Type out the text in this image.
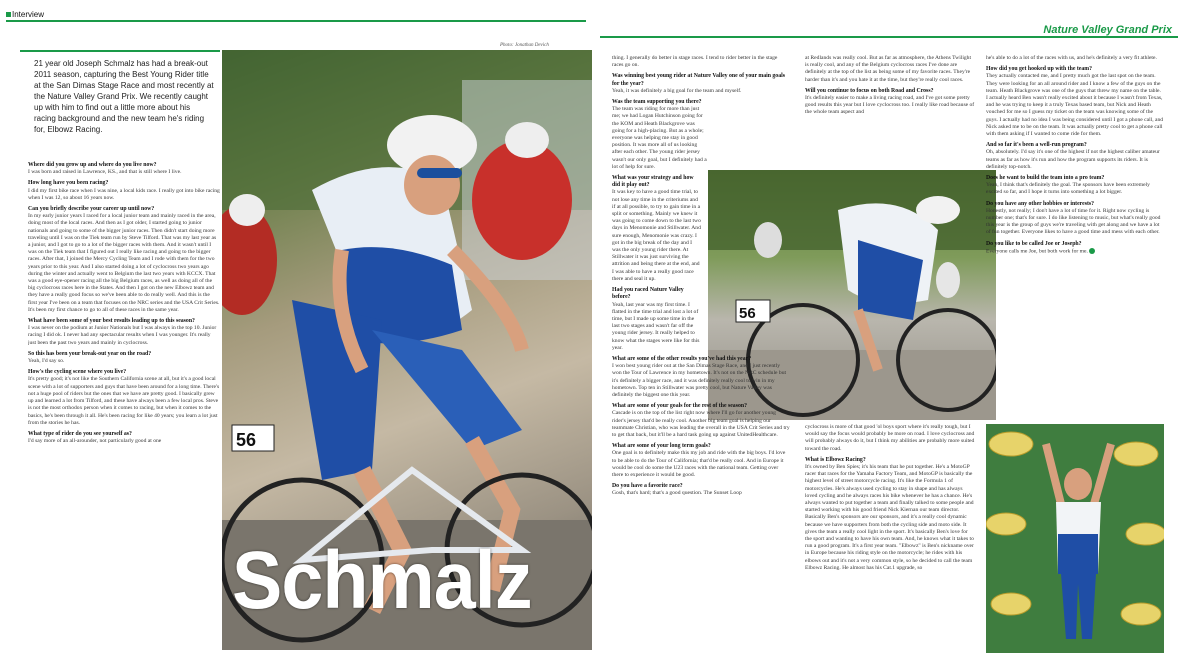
Interview
Nature Valley Grand Prix
21 year old Joseph Schmalz has had a break-out 2011 season, capturing the Best Young Rider title at the San Dimas Stage Race and most recently at the Nature Valley Grand Prix. We recently caught up with him to find out a little more about his racing background and the new team he's riding for, Elbowz Racing.
Photo: Jonathan Devich
56
Schmalz
Where did you grow up and where do you live now?
I was born and raised in Lawrence, KS., and that is still where I live.
How long have you been racing?
I did my first bike race when I was nine, a local kids race. I really got into bike racing when I was 12, so about 16 years now.
Can you briefly describe your career up until now?
In my early junior years I raced for a local junior team and mainly raced in the area, doing most of the local races. And then as I got older, I started going to junior nationals and going to some of the bigger junior races. Then didn't start doing more traveling until I was on the Tiek team run by Steve Tilford. That was my last year as a junior, and I got to go to a lot of the bigger races with them. And it wasn't until I was on the Tiek team that I figured out I really like racing and going to the bigger races. After that, I joined the Mercy Cycling Team and I rode with them for the two years prior to this year. And I also started doing a lot of cyclocross two years ago during the winter and actually went to Belgium the last two years with KCCX. That was a good eye-opener racing all the big Belgium races, as well as doing all of the big cyclocross races here in the States. And then I got on the new Elbowz team and they have a really good focus so we've been able to do really well. And this is the first year I've been on a team that focuses on the NRC series and the USA Crit Series. It's been my first chance to go to all of these races in the same year.
What have been some of your best results leading up to this season?
I was never on the podium at Junior Nationals but I was always in the top 10. Junior racing I did ok. I never had any spectacular results when I was younger. It's really just been the past two years and mainly in cyclocross.
So this has been your break-out year on the road?
Yeah, I'd say so.
How's the cycling scene where you live?
It's pretty good; it's not like the Southern California scene at all, but it's a good local scene with a lot of supporters and guys that have been around for a long time. There's not a huge pool of riders but the ones that we have are pretty good. I basically grew up and learned a lot from Tilford, and these have always been a few local pros. Steve is not the most orthodox person when it comes to racing, but when it comes to the basics, he's been through it all. He's been racing for like 40 years; you learn a lot just from the stories he has.
What type of rider do you see yourself as?
I'd say more of an all-arounder, not particularly good at one
56
thing. I generally do better in stage races. I tend to rider better in the stage races go on.
Was winning best young rider at Nature Valley one of your main goals for the year?
Yeah, it was definitely a big goal for the team and myself.
Was the team supporting you there?
The team was riding for more than just me; we had Logan Hutchinson going for the KOM and Heath Blackgrove was going for a high-placing. But as a whole; everyone was helping me stay in good position. It was more all of us looking after each other. The young rider jersey wasn't our only goal, but I definitely had a lot of help for sure.
What was your strategy and how did it play out?
It was key to have a good time trial, to not lose any time in the criteriums and if at all possible, to try to gain time in a split or something. Mainly we knew it was going to come down to the last two days in Menomonie and Stillwater. And sure enough, Menomonie was crazy. I got in the big break of the day and I was the only young rider there. At Stillwater it was just surviving the attrition and being there at the end, and I was able to have a really good race there and seal it up.
Had you raced Nature Valley before?
Yeah, last year was my first time. I flatted in the time trial and lost a lot of time, but I made up some time in the last two stages and wasn't far off the young rider jersey. It really helped to know what the stages were like for this year.
What are some of the other results you've had this year?
I won best young rider out at the San Dimas Stage Race, and I just recently won the Tour of Lawrence in my hometown. It's not on the NRC schedule but it's definitely a bigger race, and it was definitely really cool to win in my hometown. Top ten in Stillwater was pretty cool, but Nature Valley was definitely the biggest one this year.
What are some of your goals for the rest of the season?
Cascade is on the top of the list right now where I'll go for another young rider's jersey that'd be really cool. Another big team goal is helping our teammate Christian, who was leading the overall in the USA Crit Series and try to get that back, but it'll be a hard task going up against UnitedHealthcare.
What are some of your long term goals?
One goal is to definitely make this my job and ride with the big boys. I'd love to be able to do the Tour of California; that'd be really cool. And in Europe it would be cool do some the U23 races with the national team. Getting over there to experience it would be good.
Do you have a favorite race?
Gosh, that's hard; that's a good question. The Sunset Loop
at Redlands was really cool. But as far as atmosphere, the Athens Twilight is really cool, and any of the Belgium cyclocross races I've done are definitely at the top of the list as being some of my favorite races. They're harder than it's and you hate it at the time, but they're really cool races.
Will you continue to focus on both Road and Cross?
It's definitely easier to make a living racing road, and I've got some pretty good results this year but I love cyclocross too. I really like road because of the whole team aspect and
cyclocross is more of that good 'ol boys sport where it's really tough, but I would say the focus would probably be more on road. I love cyclocross and will probably always do it, but I think my abilities are probably more suited toward the road.
What is Elbowz Racing?
It's owned by Ben Spies; it's his team that he put together. He's a MotoGP racer that races for the Yamaha Factory Team, and MotoGP is basically the highest level of street motorcycle racing. It's like the Formula 1 of motorcycles. He's always used cycling to stay in shape and has always loved cycling and he always races his bike whenever he has a chance. He's always wanted to put together a team and finally talked to some people and started working with his good friend Nick Kiernan our team director. Basically Ben's sponsors are our sponsors, and it's a really cool dynamic because we have supporters from both the cycling side and moto side. It gives the team a really cool light in the sport. It's basically Ben's love for the sport and wanting to have his own team. And, he knows what it takes to run a good program. It's a first year team. "Elbowz" is Ben's nickname over in Europe because his riding style on the motorcycle; he rides with his elbows out and it's not a very common style, so he decided to call the team Elbowz Racing. He almost has his Cat.1 upgrade, so
he's able to do a lot of the races with us, and he's definitely a very fit athlete.
How did you get hooked up with the team?
They actually contacted me, and I pretty much got the last spot on the team. They were looking for an all around rider and I know a few of the guys on the team. Heath Blackgrove was one of the guys that threw my name on the table. I actually heard Ben wasn't really excited about it because I wasn't from Texas, and he was trying to keep it a truly Texas based team, but Nick and Heath vouched for me so I guess my ticket on the team was knowing some of the guys. I actually had no idea I was being considered until I got a phone call, and Nick asked me to be on the team. It was actually pretty cool to get a phone call with them asking if I wanted to come ride for them.
And so far it's been a well-run program?
Oh, absolutely. I'd say it's one of the highest if not the highest caliber amateur teams as far as how it's run and how the program supports its riders. It is definitely top-notch.
Does he want to build the team into a pro team?
Yeah, I think that's definitely the goal. The sponsors have been extremely excited so far, and I hope it turns into something a lot bigger.
Do you have any other hobbies or interests?
Honestly, not really; I don't have a lot of time for it. Right now cycling is number one; that's for sure. I do like listening to music, but what's really good this year is the group of guys we're traveling with get along and we have a lot of fun together. Everyone likes to have a good time and mess with each other.
Do you like to be called Joe or Joseph?
Everyone calls me Joe, but both work for me.
